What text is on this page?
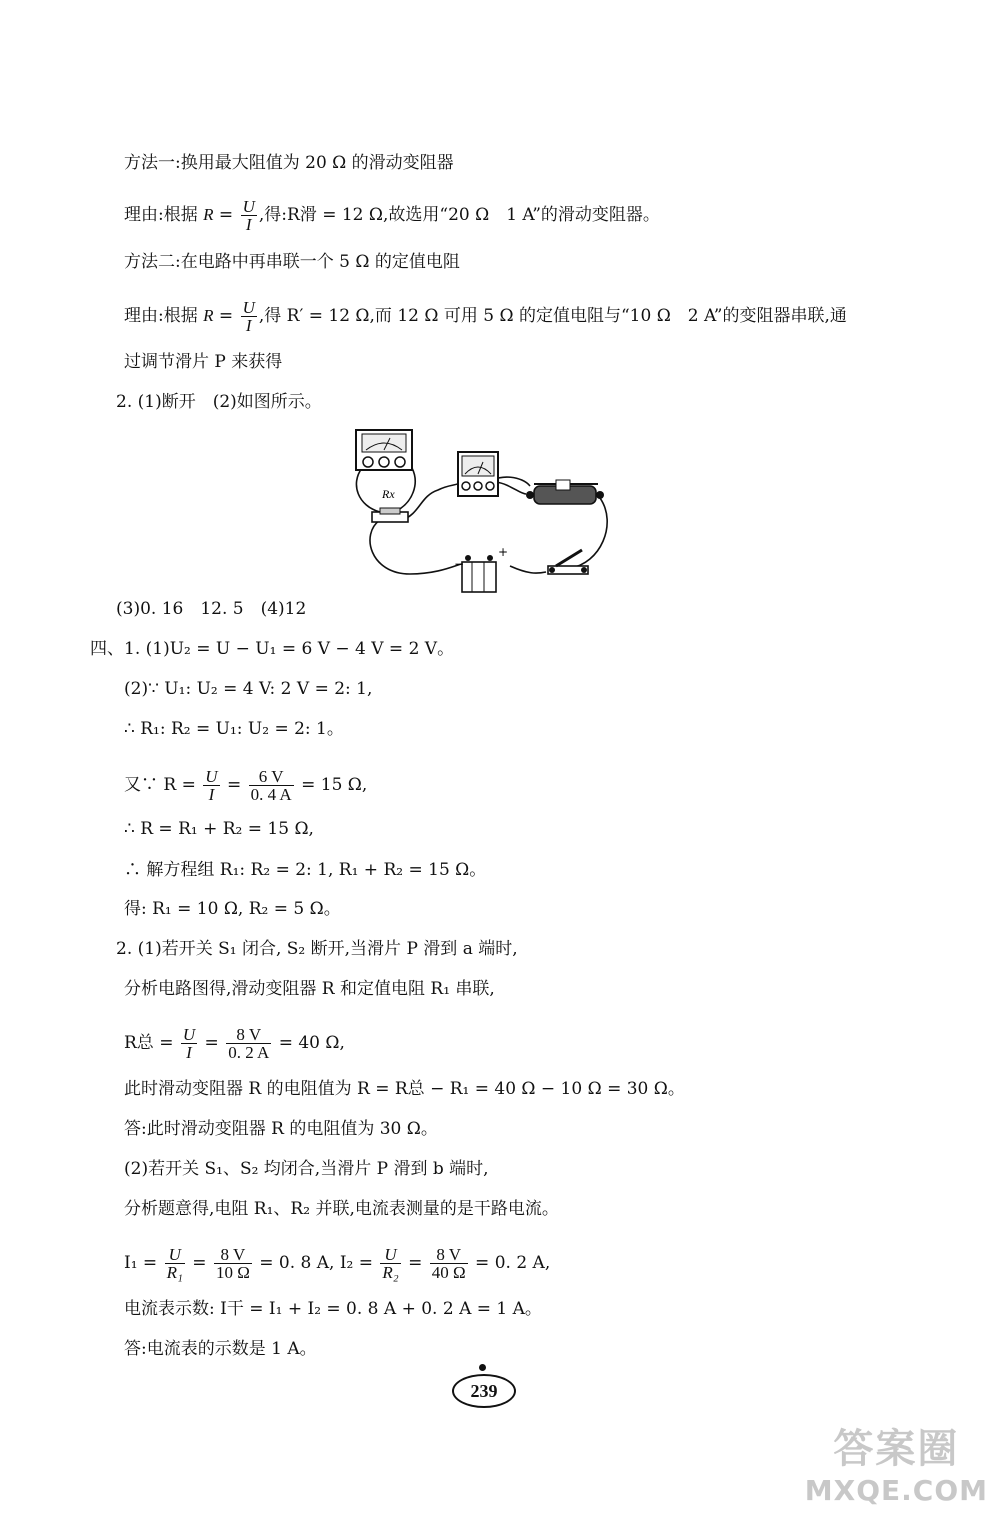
方法一:换用最大阻值为 20 Ω 的滑动变阻器
理由:根据 $R = \frac{U}{I}$ ,得:R滑 = 12 Ω,故选用“20 Ω　1 A”的滑动变阻器。
方法二:在电路中再串联一个 5 Ω 的定值电阻
理由:根据 $R = \frac{U}{I}$ ,得 R′ = 12 Ω,而 12 Ω 可用 5 Ω 的定值电阻与“10 Ω　2 A”的变阻器串联,通
过调节滑片 P 来获得
2. (1)断开　(2)如图所示。
Rx
−
+
(3)0. 16　12. 5　(4)12
四、1. (1)U₂ = U − U₁ = 6 V − 4 V = 2 V。
(2)∵ U₁: U₂ = 4 V: 2 V = 2: 1,
∴ R₁: R₂ = U₁: U₂ = 2: 1。
又∵ $R = \frac{U}{I} = \frac{6 V}{0. 4 A} = 15$ Ω,
∴ R = R₁ + R₂ = 15 Ω,
∴ 解方程组 R₁: R₂ = 2: 1, R₁ + R₂ = 15 Ω。
得: R₁ = 10 Ω, R₂ = 5 Ω。
2. (1)若开关 S₁ 闭合, S₂ 断开,当滑片 P 滑到 a 端时,
分析电路图得,滑动变阻器 R 和定值电阻 R₁ 串联,
R总 = $\frac{U}{I} = \frac{8 V}{0. 2 A} = 40$ Ω,
此时滑动变阻器 R 的电阻值为 R = R总 − R₁ = 40 Ω − 10 Ω = 30 Ω。
答:此时滑动变阻器 R 的电阻值为 30 Ω。
(2)若开关 S₁、S₂ 均闭合,当滑片 P 滑到 b 端时,
分析题意得,电阻 R₁、R₂ 并联,电流表测量的是干路电流。
$I_1 = \frac{U}{\text{R₁}} = \frac{8 V}{10 \Omega} = 0$. 8 A, $I_2 = \frac{U}{\text{R₂}} = \frac{8 V}{40 \Omega} = 0$. 2 A,
电流表示数: I干 = I₁ + I₂ = 0. 8 A + 0. 2 A = 1 A。
答:电流表的示数是 1 A。
239
答案圈
MXQE.COM
